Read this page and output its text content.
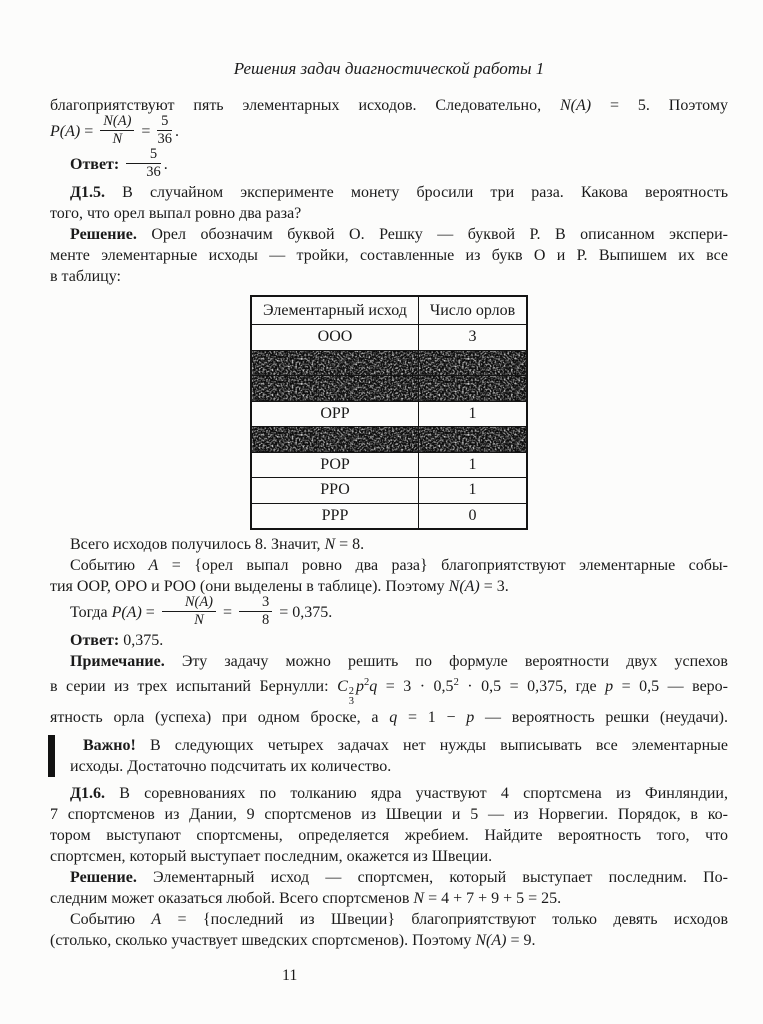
Решения задач диагностической работы 1
благоприятствуют пять элементарных исходов. Следовательно, N(A) = 5. Поэтому
$P(A) = \frac{N(A)}{N} = \frac{5}{36}$ .
Ответ: $\frac{5}{36}$ .
Д1.5. В случайном эксперименте монету бросили три раза. Какова вероятность
того, что орел выпал ровно два раза?
Решение. Орел обозначим буквой О. Решку — буквой Р. В описанном экспери-
менте элементарные исходы — тройки, составленные из букв О и Р. Выпишем их все
в таблицу:
Элементарный исход	Число орлов
ООО	3

ОРР	1

РОР	1
РРО	1
РРР	0
Всего исходов получилось 8. Значит, N = 8.
Событию A = {орел выпал ровно два раза} благоприятствуют элементарные собы-
тия ООР, ОРО и РОО (они выделены в таблице). Поэтому N(A) = 3.
Тогда $P(A) = \frac{N(A)}{N} = \frac{3}{8} = 0,375$.
Ответ: 0,375.
Примечание. Эту задачу можно решить по формуле вероятности двух успехов
в серии из трех испытаний Бернулли: C 2
3
$p^2q = 3 \cdot 0,5^2 \cdot 0,5 = 0,375$, где p = 0,5 — веро-
ятность орла (успеха) при одном броске, а q = 1 − p — вероятность решки (неудачи).
Важно! В следующих четырех задачах нет нужды выписывать все элементарные
исходы. Достаточно подсчитать их количество.
Д1.6. В соревнованиях по толканию ядра участвуют 4 спортсмена из Финляндии,
7 спортсменов из Дании, 9 спортсменов из Швеции и 5 — из Норвегии. Порядок, в ко-
тором выступают спортсмены, определяется жребием. Найдите вероятность того, что
спортсмен, который выступает последним, окажется из Швеции.
Решение. Элементарный исход — спортсмен, который выступает последним. По-
следним может оказаться любой. Всего спортсменов N = 4 + 7 + 9 + 5 = 25.
Событию A = {последний из Швеции} благоприятствуют только девять исходов
(столько, сколько участвует шведских спортсменов). Поэтому N(A) = 9.
11
